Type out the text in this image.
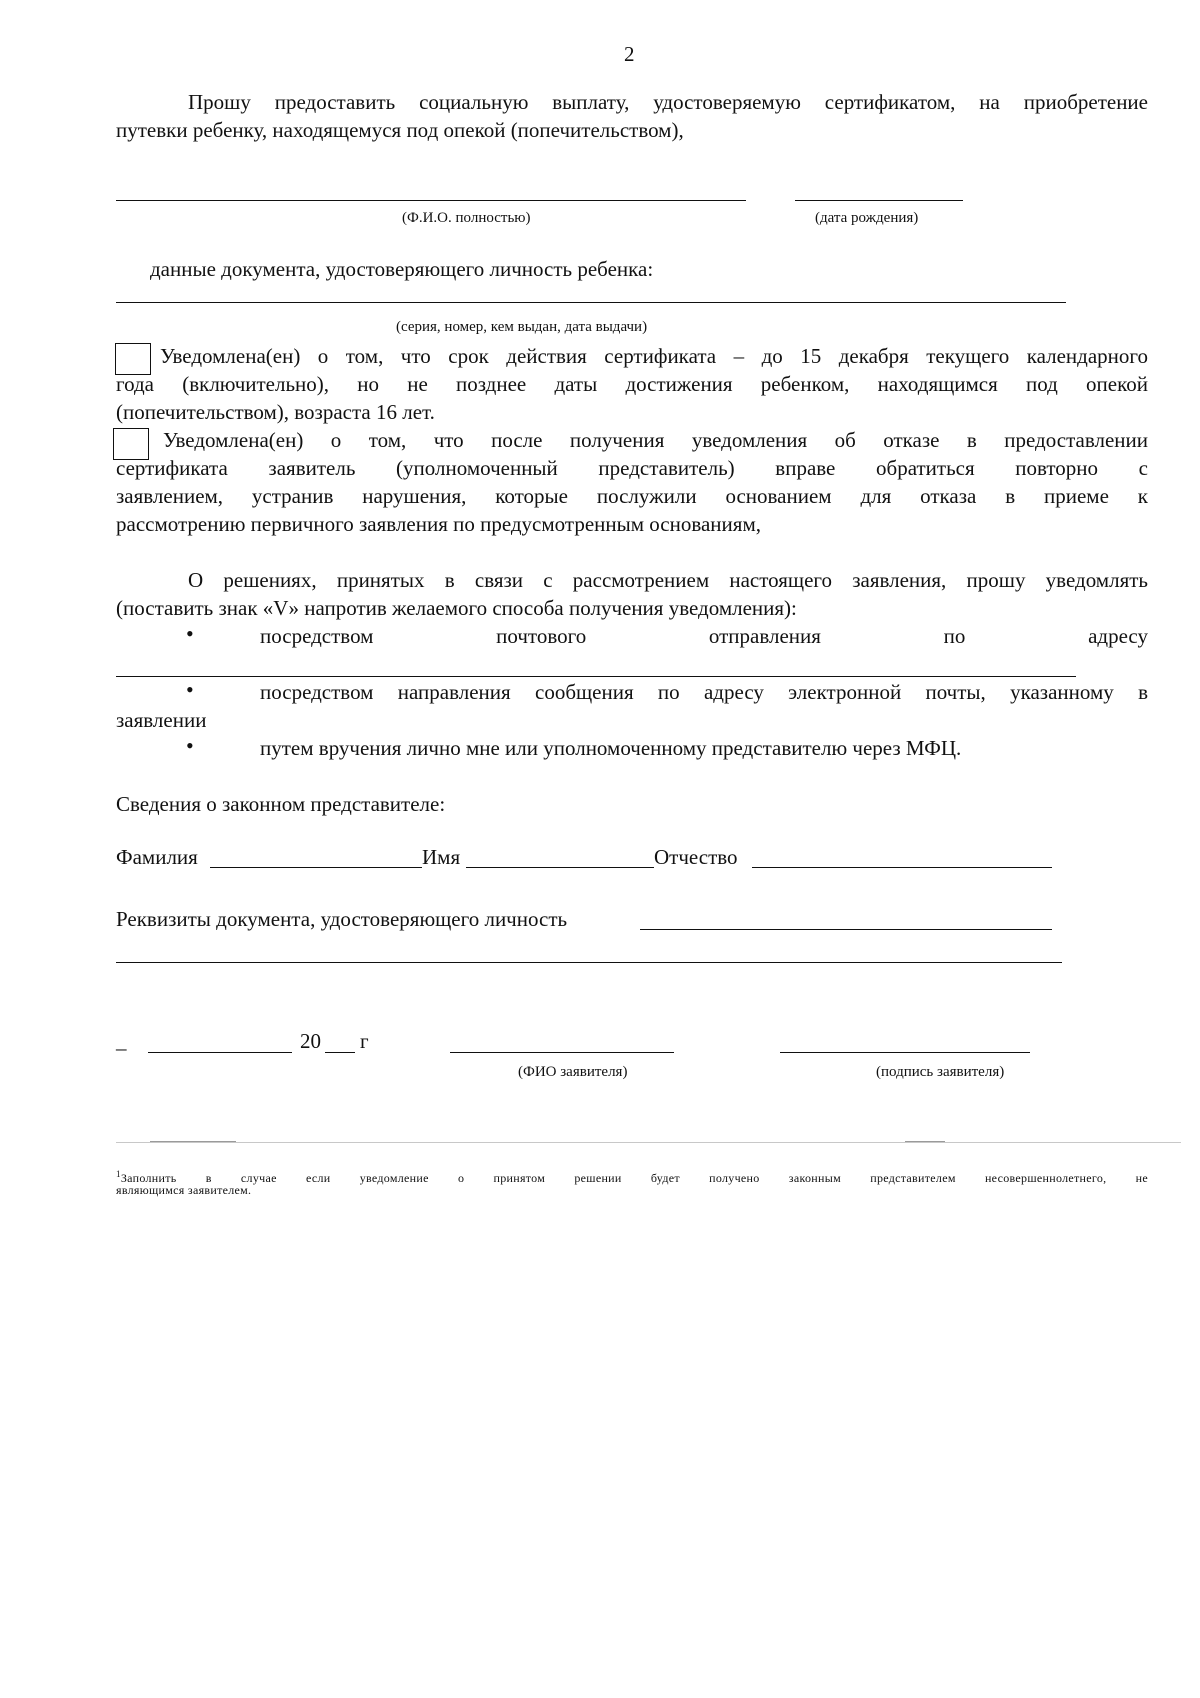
2
Прошу предоставить социальную выплату, удостоверяемую сертификатом, на приобретение
путевки ребенку, находящемуся под опекой (попечительством),
(Ф.И.О. полностью)	(дата рождения)
данные документа, удостоверяющего личность ребенка:
(серия, номер, кем выдан, дата выдачи)
Уведомлена(ен) о том, что срок действия сертификата – до 15 декабря текущего календарного
года (включительно), но не позднее даты достижения ребенком, находящимся под опекой
(попечительством), возраста 16 лет.
Уведомлена(ен) о том, что после получения уведомления об отказе в предоставлении
сертификата заявитель (уполномоченный представитель) вправе обратиться повторно с
заявлением, устранив нарушения, которые послужили основанием для отказа в приеме к
рассмотрению первичного заявления по предусмотренным основаниям,
О решениях, принятых в связи с рассмотрением настоящего заявления, прошу уведомлять
(поставить знак «V» напротив желаемого способа получения уведомления):
•	посредством	почтового	отправления	по	адресу
•	посредством направления сообщения по адресу электронной почты, указанному в
заявлении
•	путем вручения лично мне или уполномоченному представителю через МФЦ.
Сведения о законном представителе:
Фамилия	Имя	Отчество
Реквизиты документа, удостоверяющего личность
_	20 г
(ФИО заявителя)	(подпись заявителя)
$^1$Заполнить в случае если уведомление о принятом решении будет получено законным представителем несовершеннолетнего, не
являющимся заявителем.
